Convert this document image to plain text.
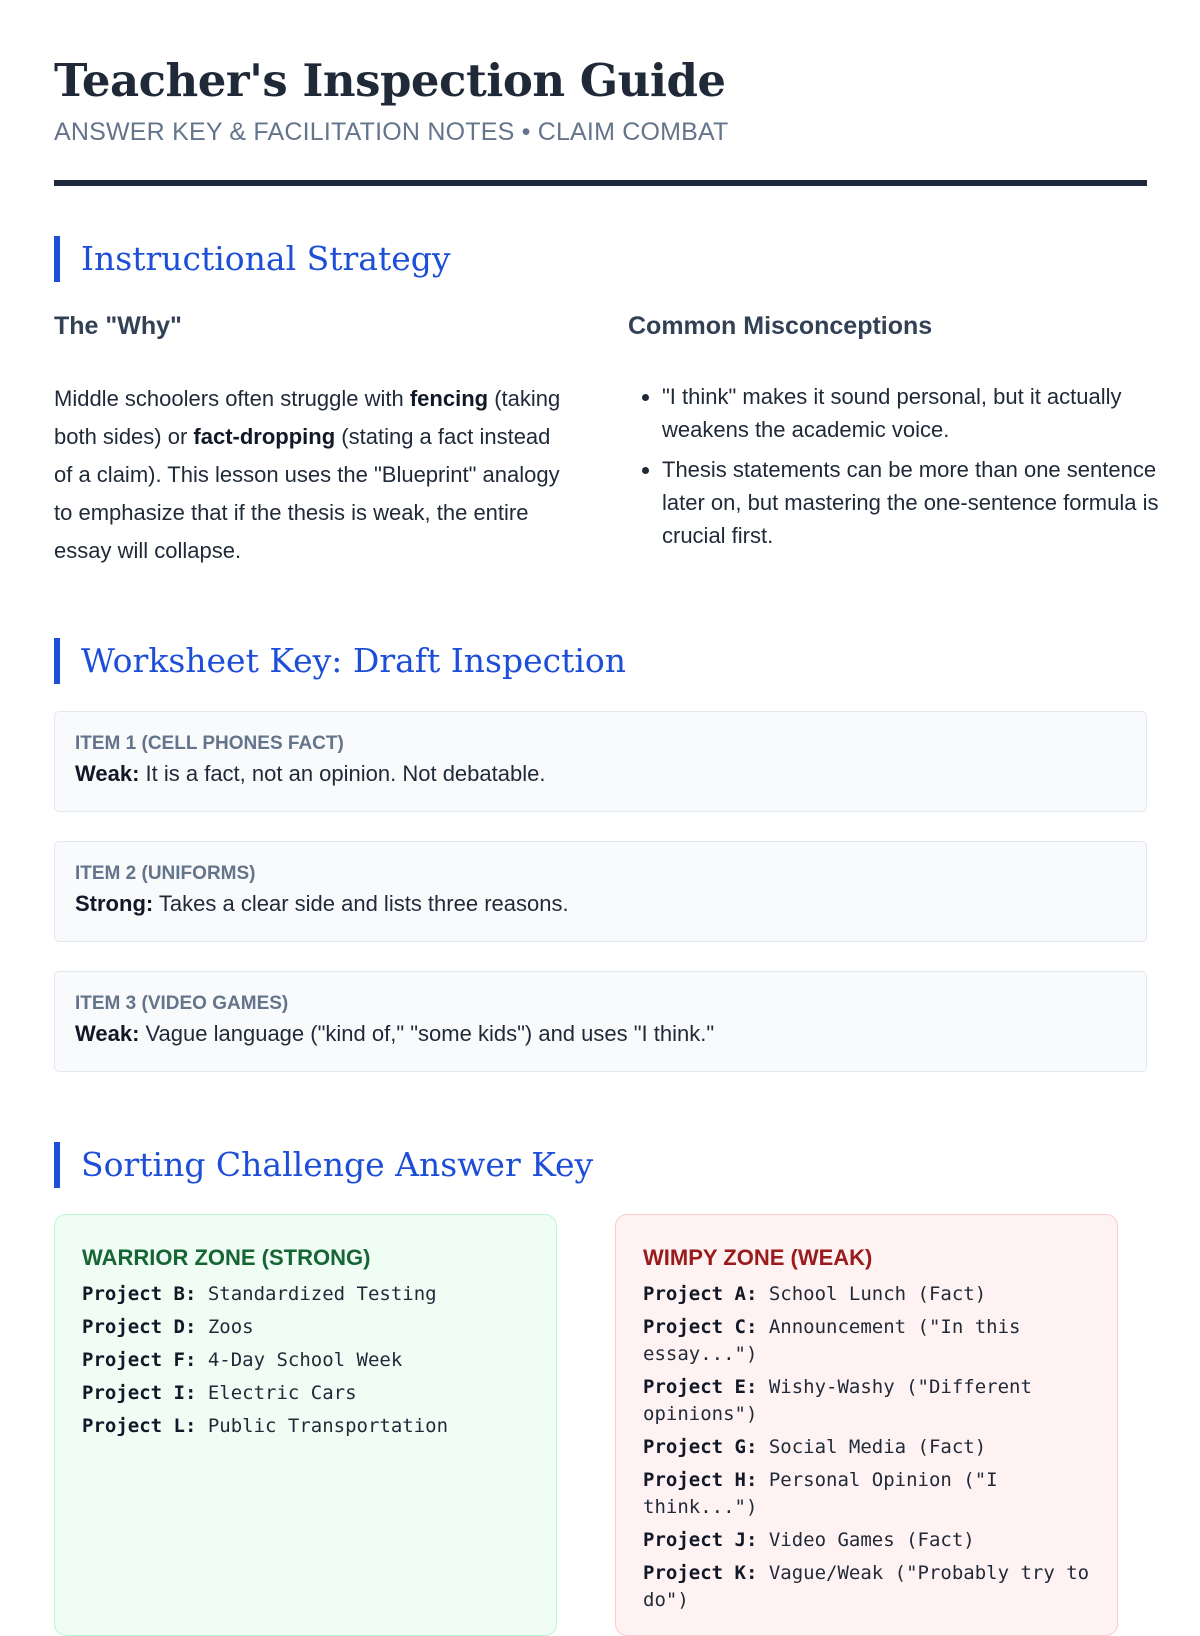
Teacher's Inspection Guide
ANSWER KEY & FACILITATION NOTES • CLAIM COMBAT
Instructional Strategy
The "Why"
Middle schoolers often struggle with fencing (taking both sides) or fact-dropping (stating a fact instead of a claim). This lesson uses the "Blueprint" analogy to emphasize that if the thesis is weak, the entire essay will collapse.
Common Misconceptions
• "I think" makes it sound personal, but it actually weakens the academic voice.
• Thesis statements can be more than one sentence later on, but mastering the one-sentence formula is crucial first.
Worksheet Key: Draft Inspection
ITEM 1 (CELL PHONES FACT)
Weak: It is a fact, not an opinion. Not debatable.
ITEM 2 (UNIFORMS)
Strong: Takes a clear side and lists three reasons.
ITEM 3 (VIDEO GAMES)
Weak: Vague language ("kind of," "some kids") and uses "I think."
Sorting Challenge Answer Key
WARRIOR ZONE (STRONG)
Project B: Standardized Testing
Project D: Zoos
Project F: 4-Day School Week
Project I: Electric Cars
Project L: Public Transportation
WIMPY ZONE (WEAK)
Project A: School Lunch (Fact)
Project C: Announcement ("In this essay...")
Project E: Wishy-Washy ("Different opinions")
Project G: Social Media (Fact)
Project H: Personal Opinion ("I think...")
Project J: Video Games (Fact)
Project K: Vague/Weak ("Probably try to do")
